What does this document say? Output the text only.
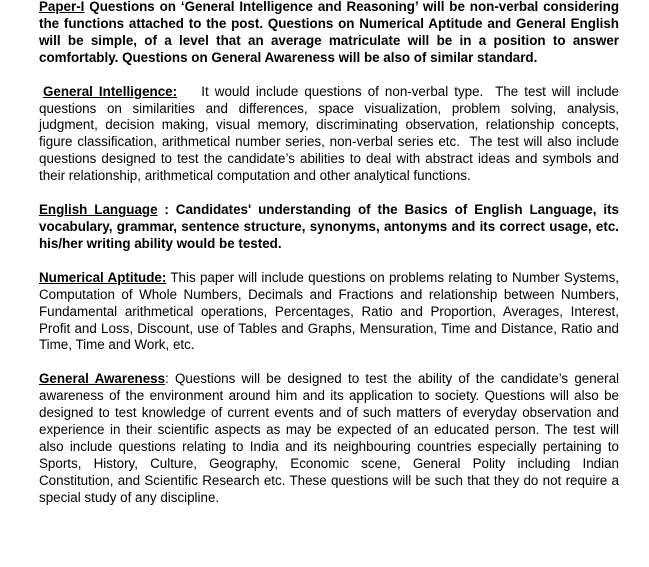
Paper-I Questions on ‘General Intelligence and Reasoning’ will be non-verbal considering the functions attached to the post. Questions on Numerical Aptitude and General English will be simple, of a level that an average matriculate will be in a position to answer comfortably. Questions on General Awareness will be also of similar standard.

General Intelligence:    It would include questions of non-verbal type.  The test will include questions on similarities and differences, space visualization, problem solving, analysis, judgment, decision making, visual memory, discriminating observation, relationship concepts, figure classification, arithmetical number series, non-verbal series etc.  The test will also include questions designed to test the candidate’s abilities to deal with abstract ideas and symbols and their relationship, arithmetical computation and other analytical functions.

English Language : Candidates' understanding of the Basics of English Language, its vocabulary, grammar, sentence structure, synonyms, antonyms and its correct usage, etc. his/her writing ability would be tested.

Numerical Aptitude: This paper will include questions on problems relating to Number Systems, Computation of Whole Numbers, Decimals and Fractions and relationship between Numbers, Fundamental arithmetical operations, Percentages, Ratio and Proportion, Averages, Interest, Profit and Loss, Discount, use of Tables and Graphs, Mensuration, Time and Distance, Ratio and Time, Time and Work, etc.

General Awareness: Questions will be designed to test the ability of the candidate’s general awareness of the environment around him and its application to society. Questions will also be designed to test knowledge of current events and of such matters of everyday observation and experience in their scientific aspects as may be expected of an educated person. The test will also include questions relating to India and its neighbouring countries especially pertaining to Sports, History, Culture, Geography, Economic scene, General Polity including Indian Constitution, and Scientific Research etc. These questions will be such that they do not require a special study of any discipline.
